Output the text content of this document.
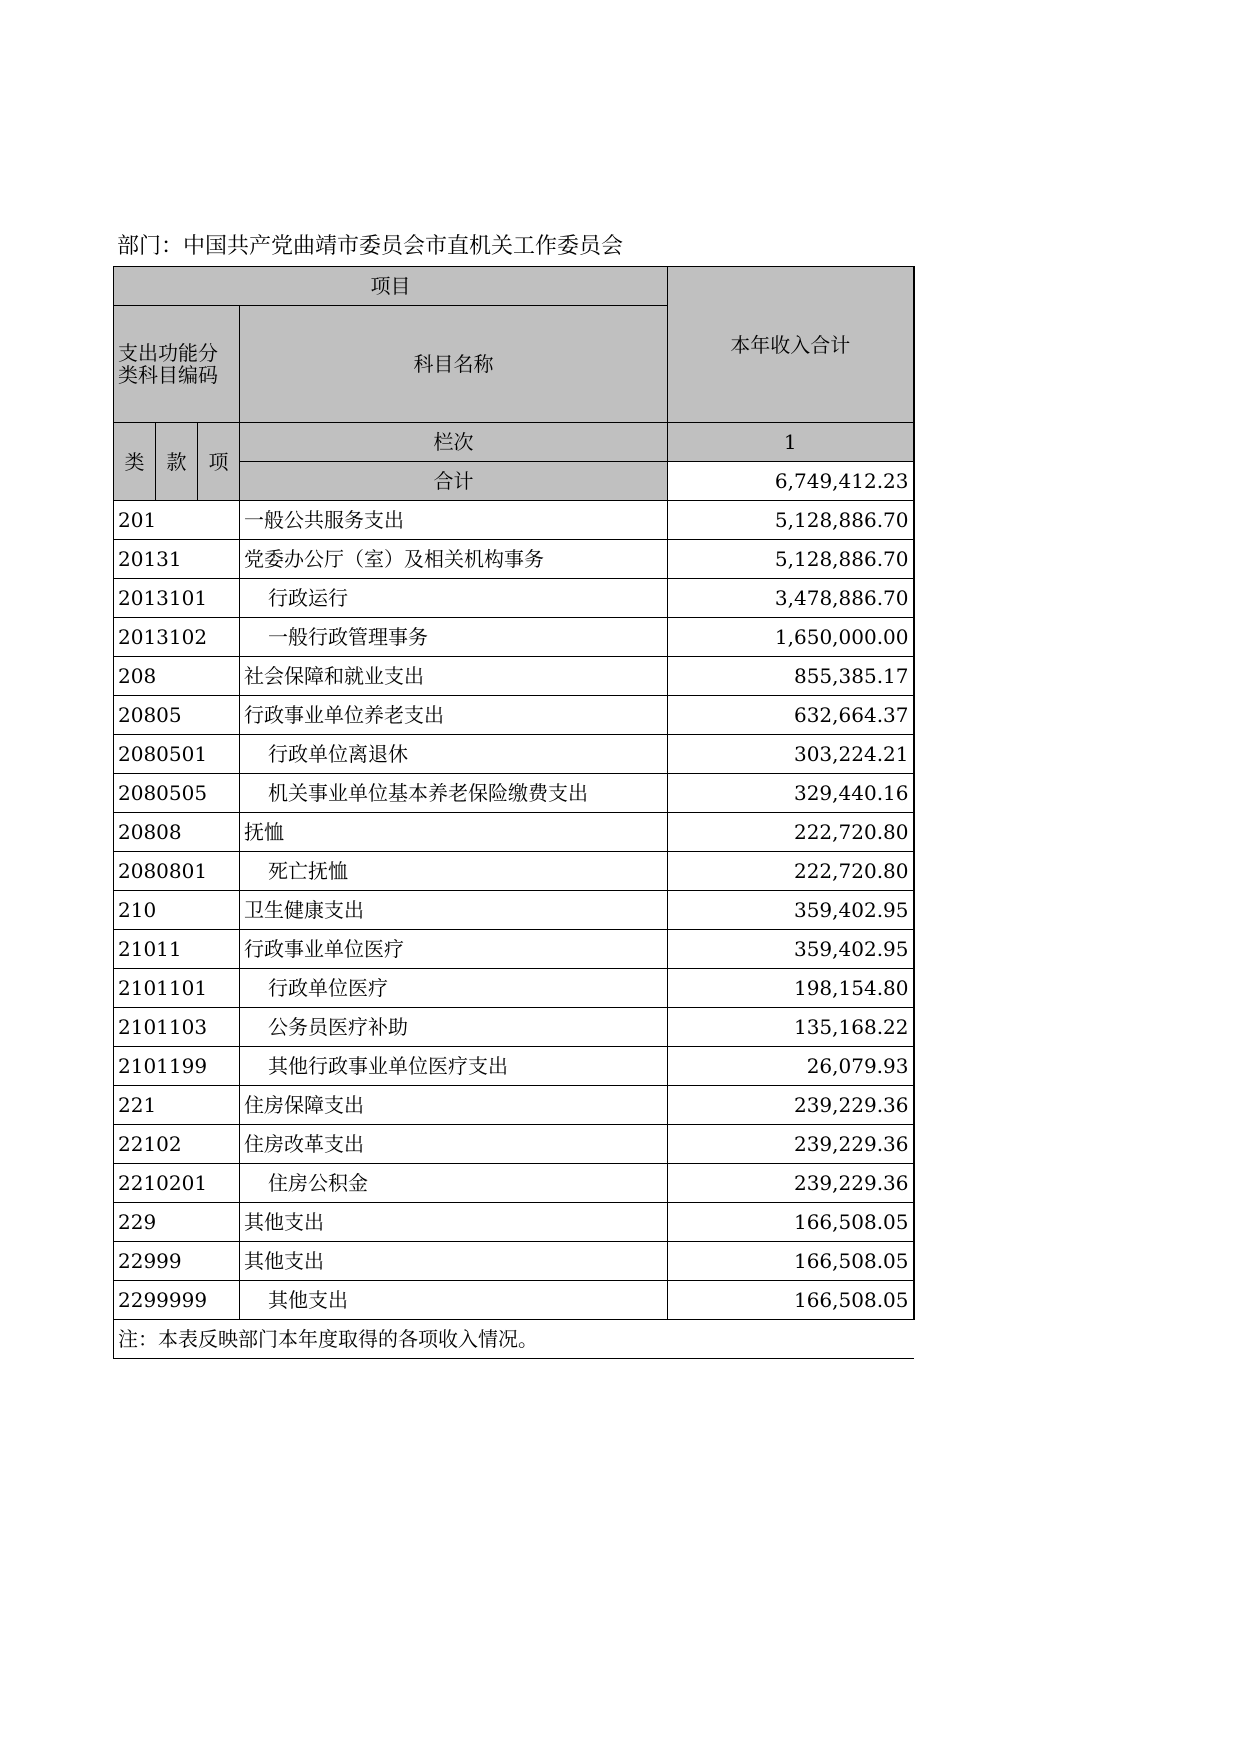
部门：中国共产党曲靖市委员会市直机关工作委员会
项目				本年收入合计
支出功能分类科目编码			科目名称	

类	款	项	栏次	1
			合计	6,749,412.23
201			一般公共服务支出	5,128,886.70
20131			党委办公厅（室）及相关机构事务	5,128,886.70
2013101			行政运行	3,478,886.70
2013102			一般行政管理事务	1,650,000.00
208			社会保障和就业支出	855,385.17
20805			行政事业单位养老支出	632,664.37
2080501			行政单位离退休	303,224.21
2080505			机关事业单位基本养老保险缴费支出	329,440.16
20808			抚恤	222,720.80
2080801			死亡抚恤	222,720.80
210			卫生健康支出	359,402.95
21011			行政事业单位医疗	359,402.95
2101101			行政单位医疗	198,154.80
2101103			公务员医疗补助	135,168.22
2101199			其他行政事业单位医疗支出	26,079.93
221			住房保障支出	239,229.36
22102			住房改革支出	239,229.36
2210201			住房公积金	239,229.36
229			其他支出	166,508.05
22999			其他支出	166,508.05
2299999			其他支出	166,508.05
注：本表反映部门本年度取得的各项收入情况。				
